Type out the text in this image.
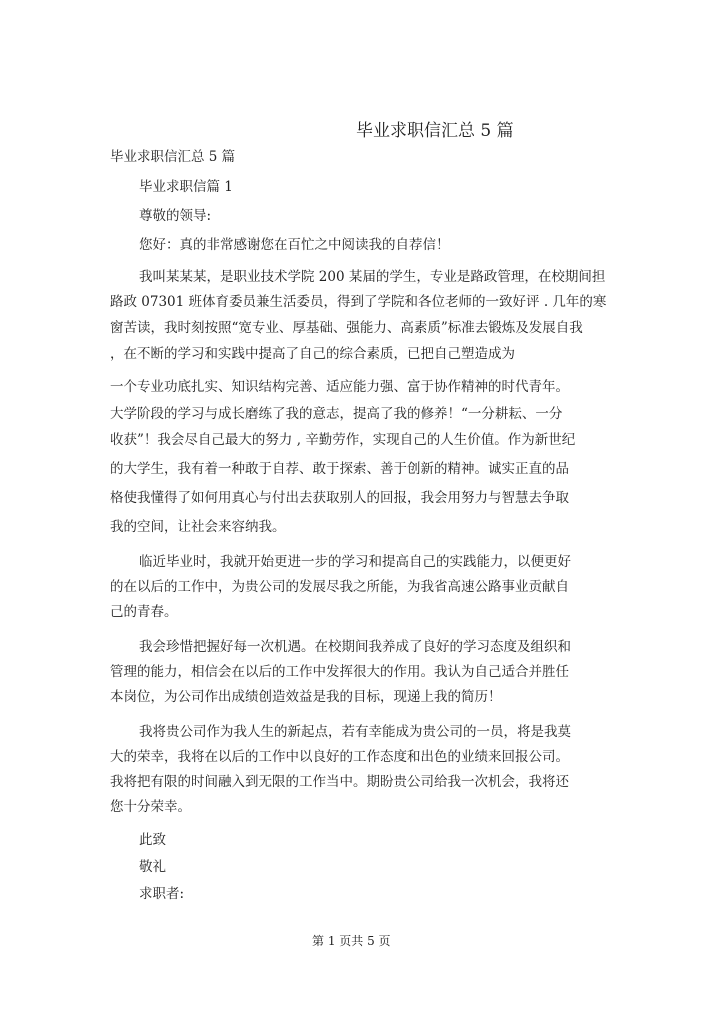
毕业求职信汇总 5 篇
毕业求职信汇总 5 篇
毕业求职信篇 1
尊敬的领导:
您好：真的非常感谢您在百忙之中阅读我的自荐信！
我叫某某某，是职业技术学院 200 某届的学生，专业是路政管理，在校期间担
路政 07301 班体育委员兼生活委员，得到了学院和各位老师的一致好评 . 几年的寒
窗苦读，我时刻按照“宽专业、厚基础、强能力、高素质”标准去锻炼及发展自我
，在不断的学习和实践中提高了自己的综合素质，已把自己塑造成为
一个专业功底扎实、知识结构完善、适应能力强、富于协作精神的时代青年。
大学阶段的学习与成长磨练了我的意志，提高了我的修养！“一分耕耘、一分
收获”！我会尽自己最大的努力 , 辛勤劳作，实现自己的人生价值。作为新世纪
的大学生，我有着一种敢于自荐、敢于探索、善于创新的精神。诚实正直的品
格使我懂得了如何用真心与付出去获取别人的回报，我会用努力与智慧去争取
我的空间，让社会来容纳我。
临近毕业时，我就开始更进一步的学习和提高自己的实践能力，以便更好
的在以后的工作中，为贵公司的发展尽我之所能，为我省高速公路事业贡献自
己的青春。
我会珍惜把握好每一次机遇。在校期间我养成了良好的学习态度及组织和
管理的能力，相信会在以后的工作中发挥很大的作用。我认为自己适合并胜任
本岗位，为公司作出成绩创造效益是我的目标，现递上我的简历！
我将贵公司作为我人生的新起点，若有幸能成为贵公司的一员，将是我莫
大的荣幸，我将在以后的工作中以良好的工作态度和出色的业绩来回报公司。
我将把有限的时间融入到无限的工作当中。期盼贵公司给我一次机会，我将还
您十分荣幸。
此致
敬礼
求职者:
第 1 页共 5 页
